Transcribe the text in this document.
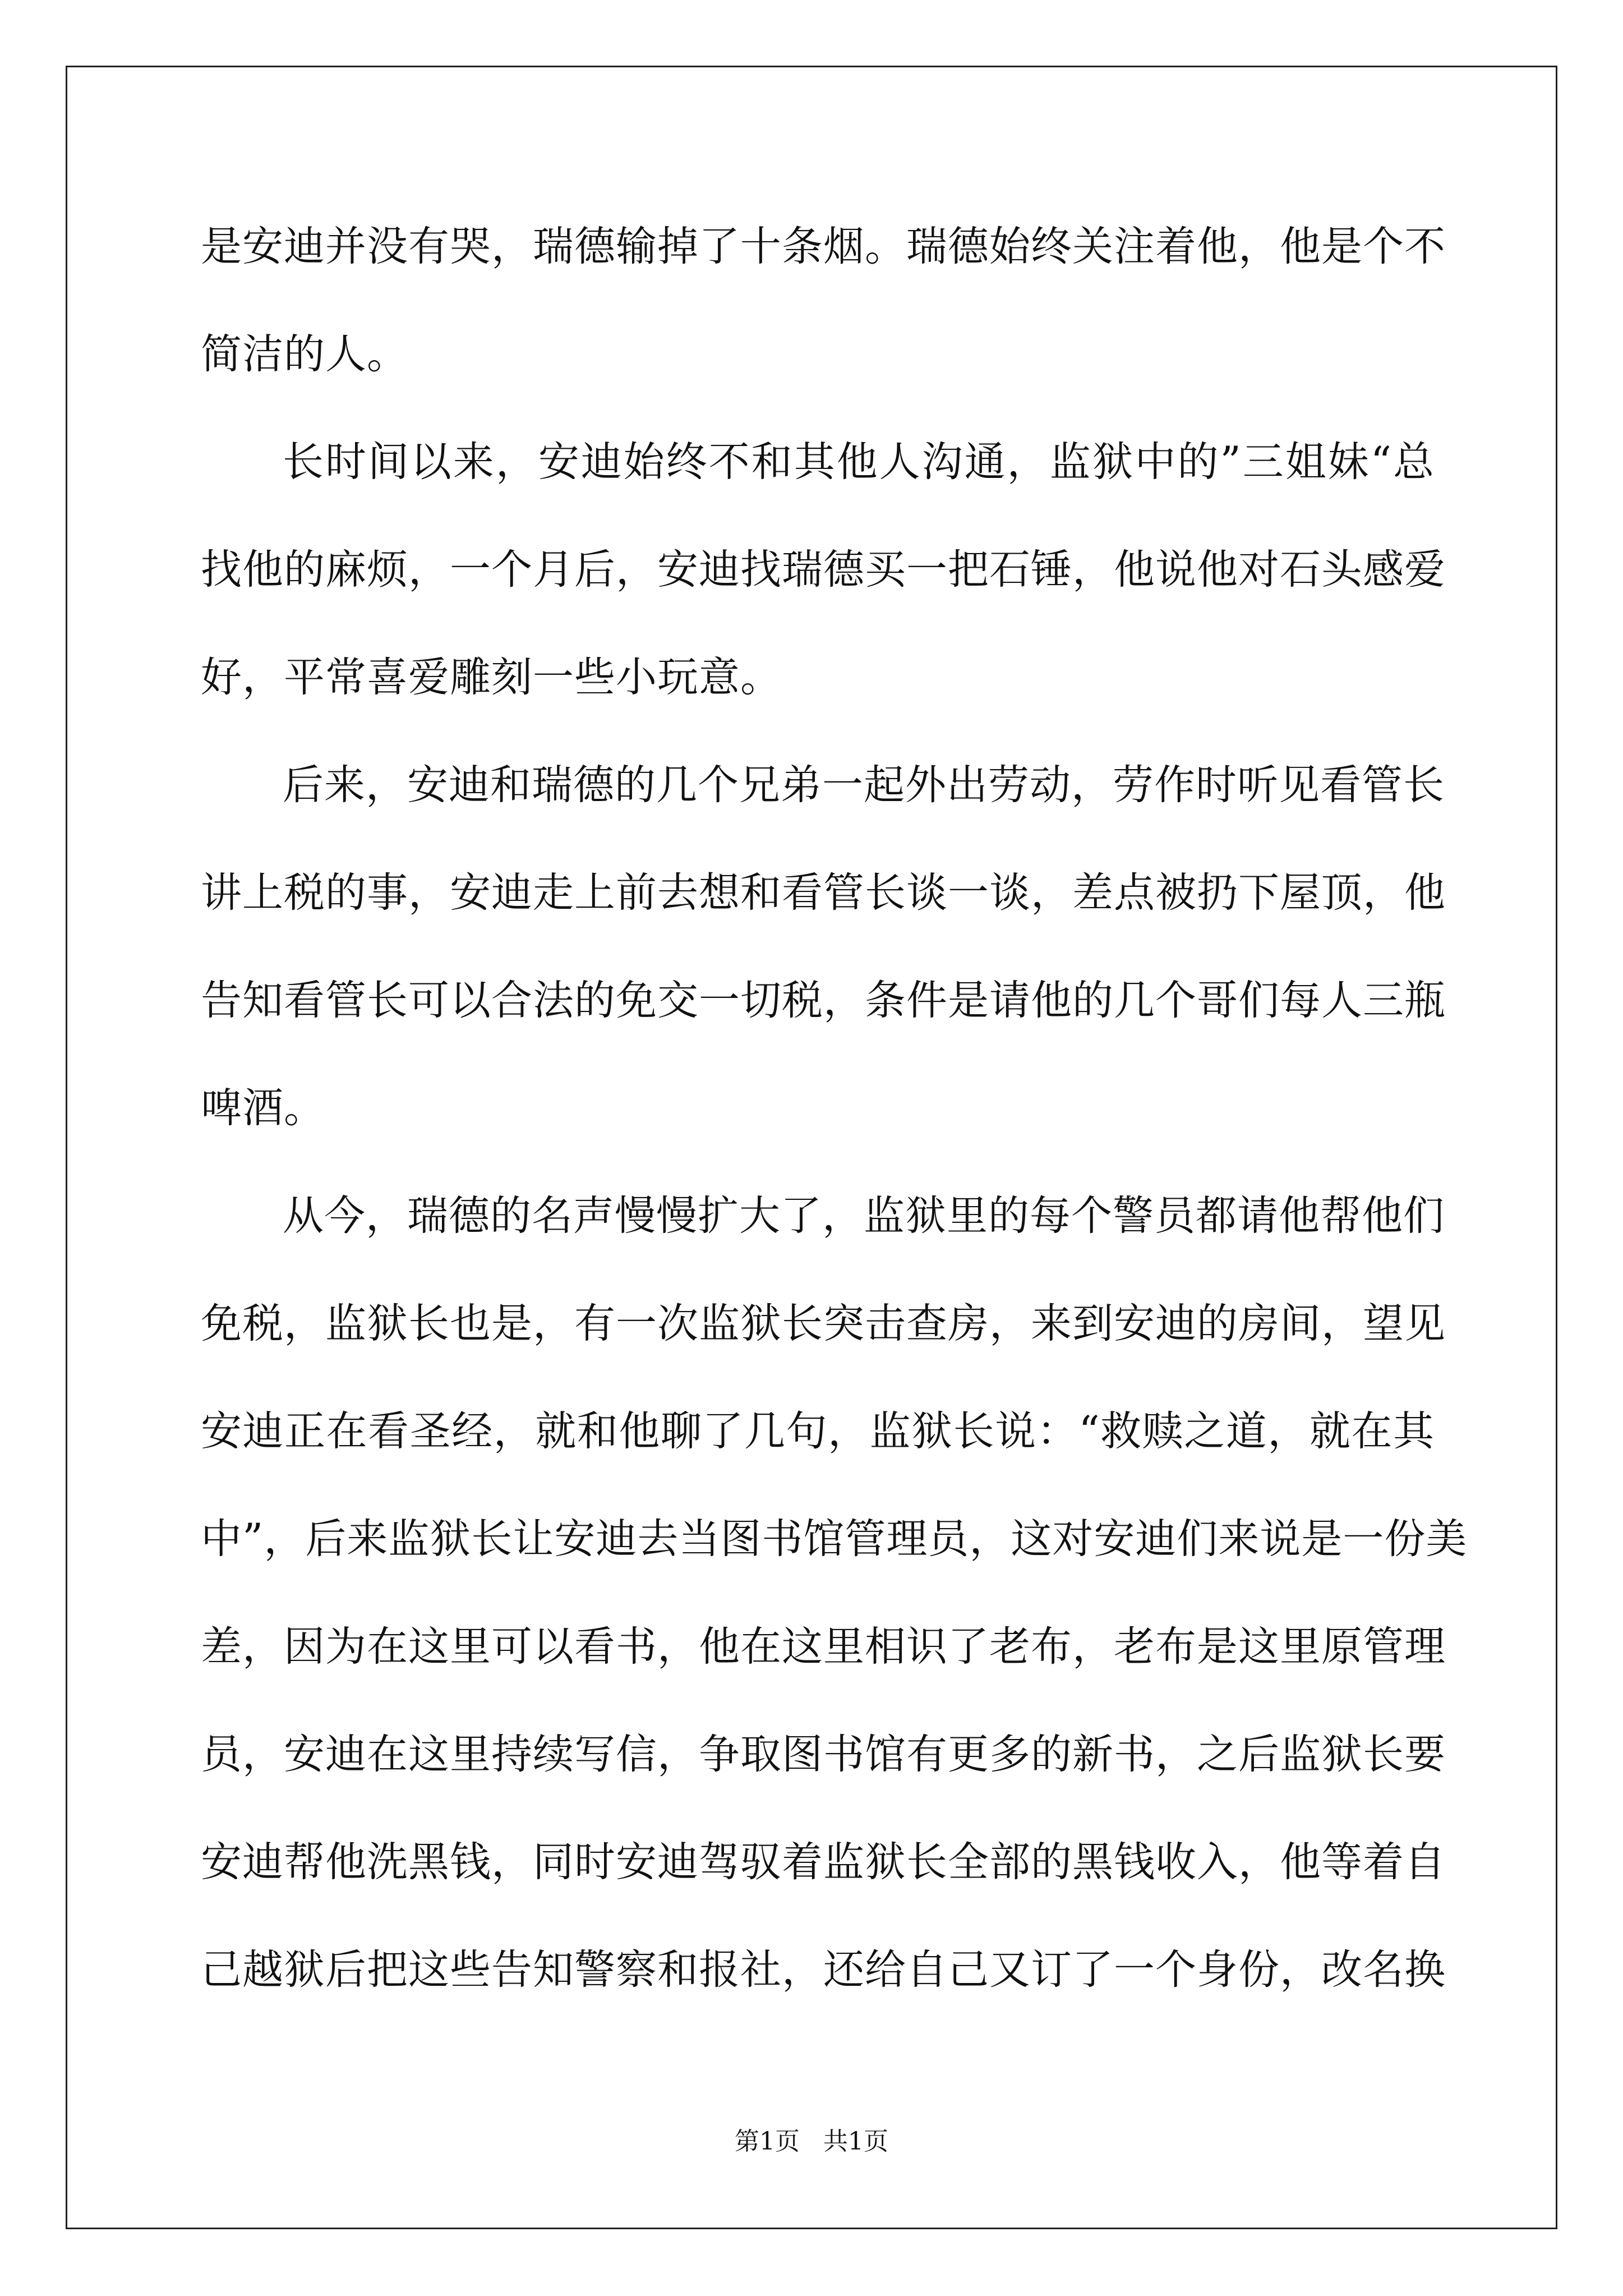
是安迪并没有哭，瑞德输掉了十条烟。瑞德始终关注着他，他是个不
简洁的人。
长时间以来，安迪始终不和其他人沟通，监狱中的”三姐妹“总
找他的麻烦，一个月后，安迪找瑞德买一把石锤，他说他对石头感爱
好，平常喜爱雕刻一些小玩意。
后来，安迪和瑞德的几个兄弟一起外出劳动，劳作时听见看管长
讲上税的事，安迪走上前去想和看管长谈一谈，差点被扔下屋顶，他
告知看管长可以合法的免交一切税，条件是请他的几个哥们每人三瓶
啤酒。
从今，瑞德的名声慢慢扩大了，监狱里的每个警员都请他帮他们
免税，监狱长也是，有一次监狱长突击查房，来到安迪的房间，望见
安迪正在看圣经，就和他聊了几句，监狱长说：“救赎之道，就在其
中”，后来监狱长让安迪去当图书馆管理员，这对安迪们来说是一份美
差，因为在这里可以看书，他在这里相识了老布，老布是这里原管理
员，安迪在这里持续写信，争取图书馆有更多的新书，之后监狱长要
安迪帮他洗黑钱，同时安迪驾驭着监狱长全部的黑钱收入，他等着自
己越狱后把这些告知警察和报社，还给自己又订了一个身份，改名换
第1页 共1页
